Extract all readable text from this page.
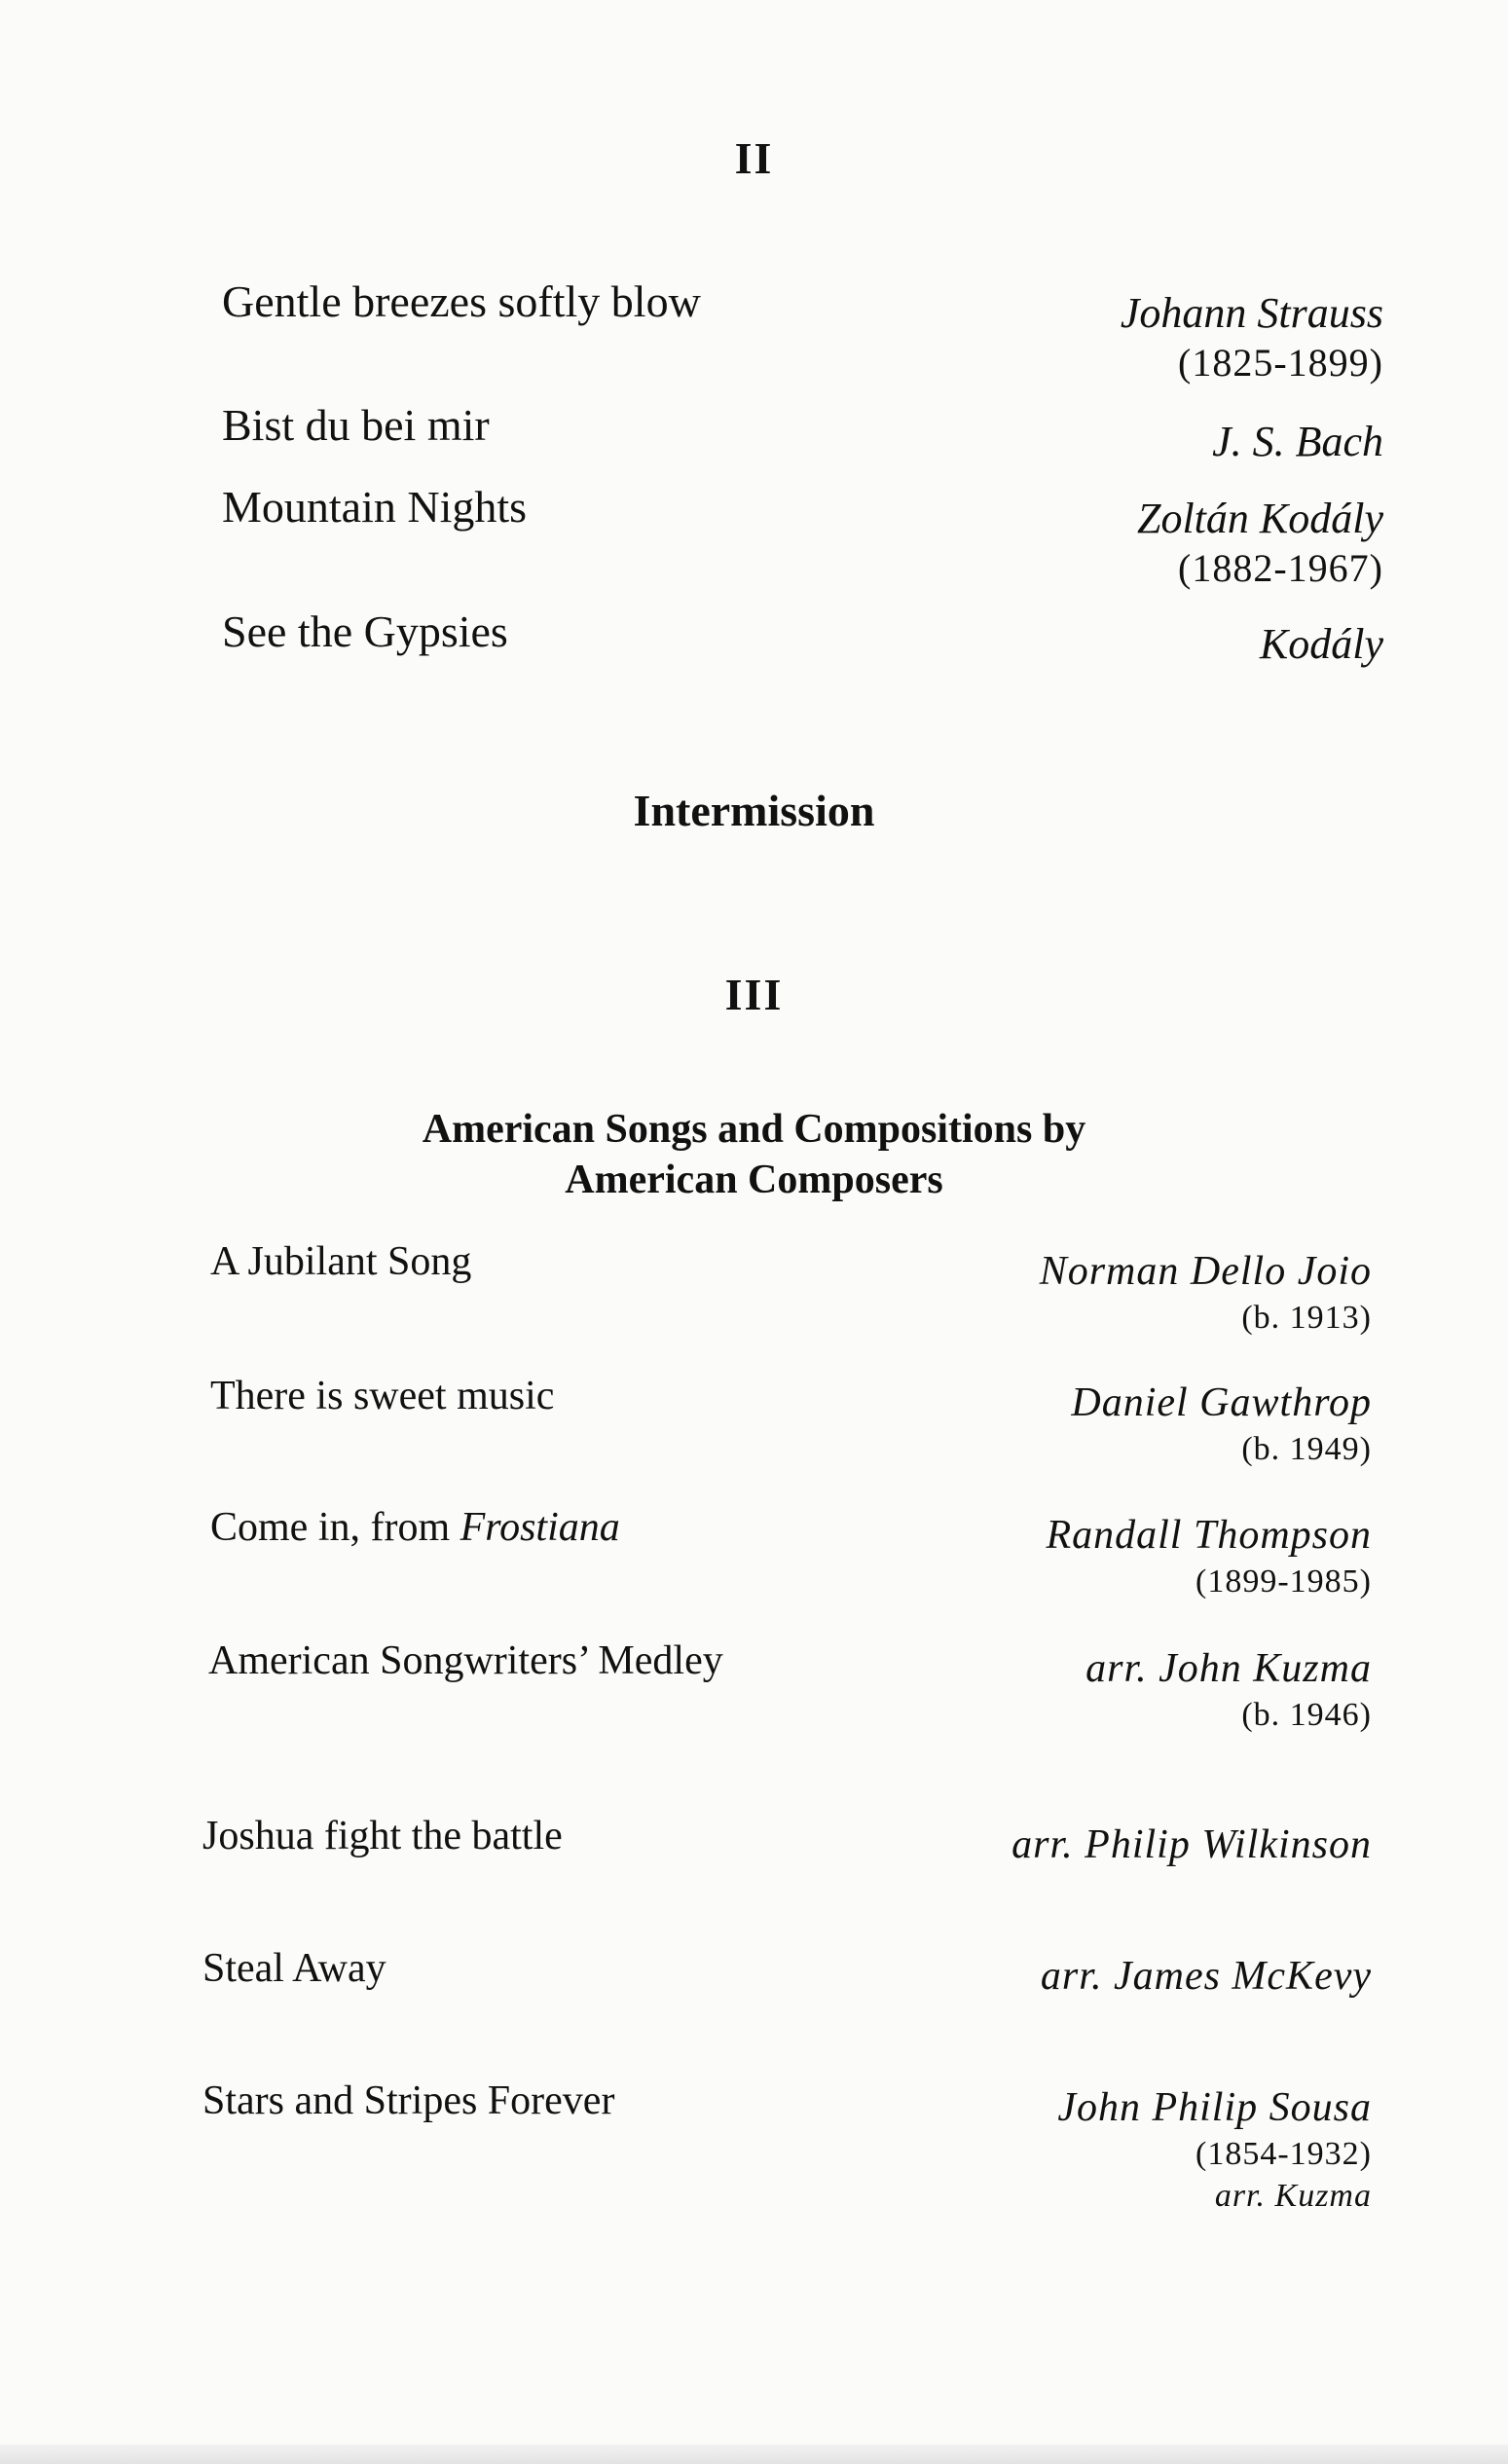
II

Gentle breezes softly blow	Johann Strauss
(1825-1899)

Bist du bei mir	J. S. Bach

Mountain Nights	Zoltán Kodály
(1882-1967)

See the Gypsies	Kodály
Intermission
III
American Songs and Compositions by
American Composers

A Jubilant Song	Norman Dello Joio
(b. 1913)

There is sweet music	Daniel Gawthrop
(b. 1949)

Come in, from Frostiana	Randall Thompson
(1899-1985)

American Songwriters’ Medley	arr. John Kuzma
(b. 1946)

Joshua fight the battle	arr. Philip Wilkinson

Steal Away	arr. James McKevy

Stars and Stripes Forever	John Philip Sousa
(1854-1932)
arr. Kuzma
